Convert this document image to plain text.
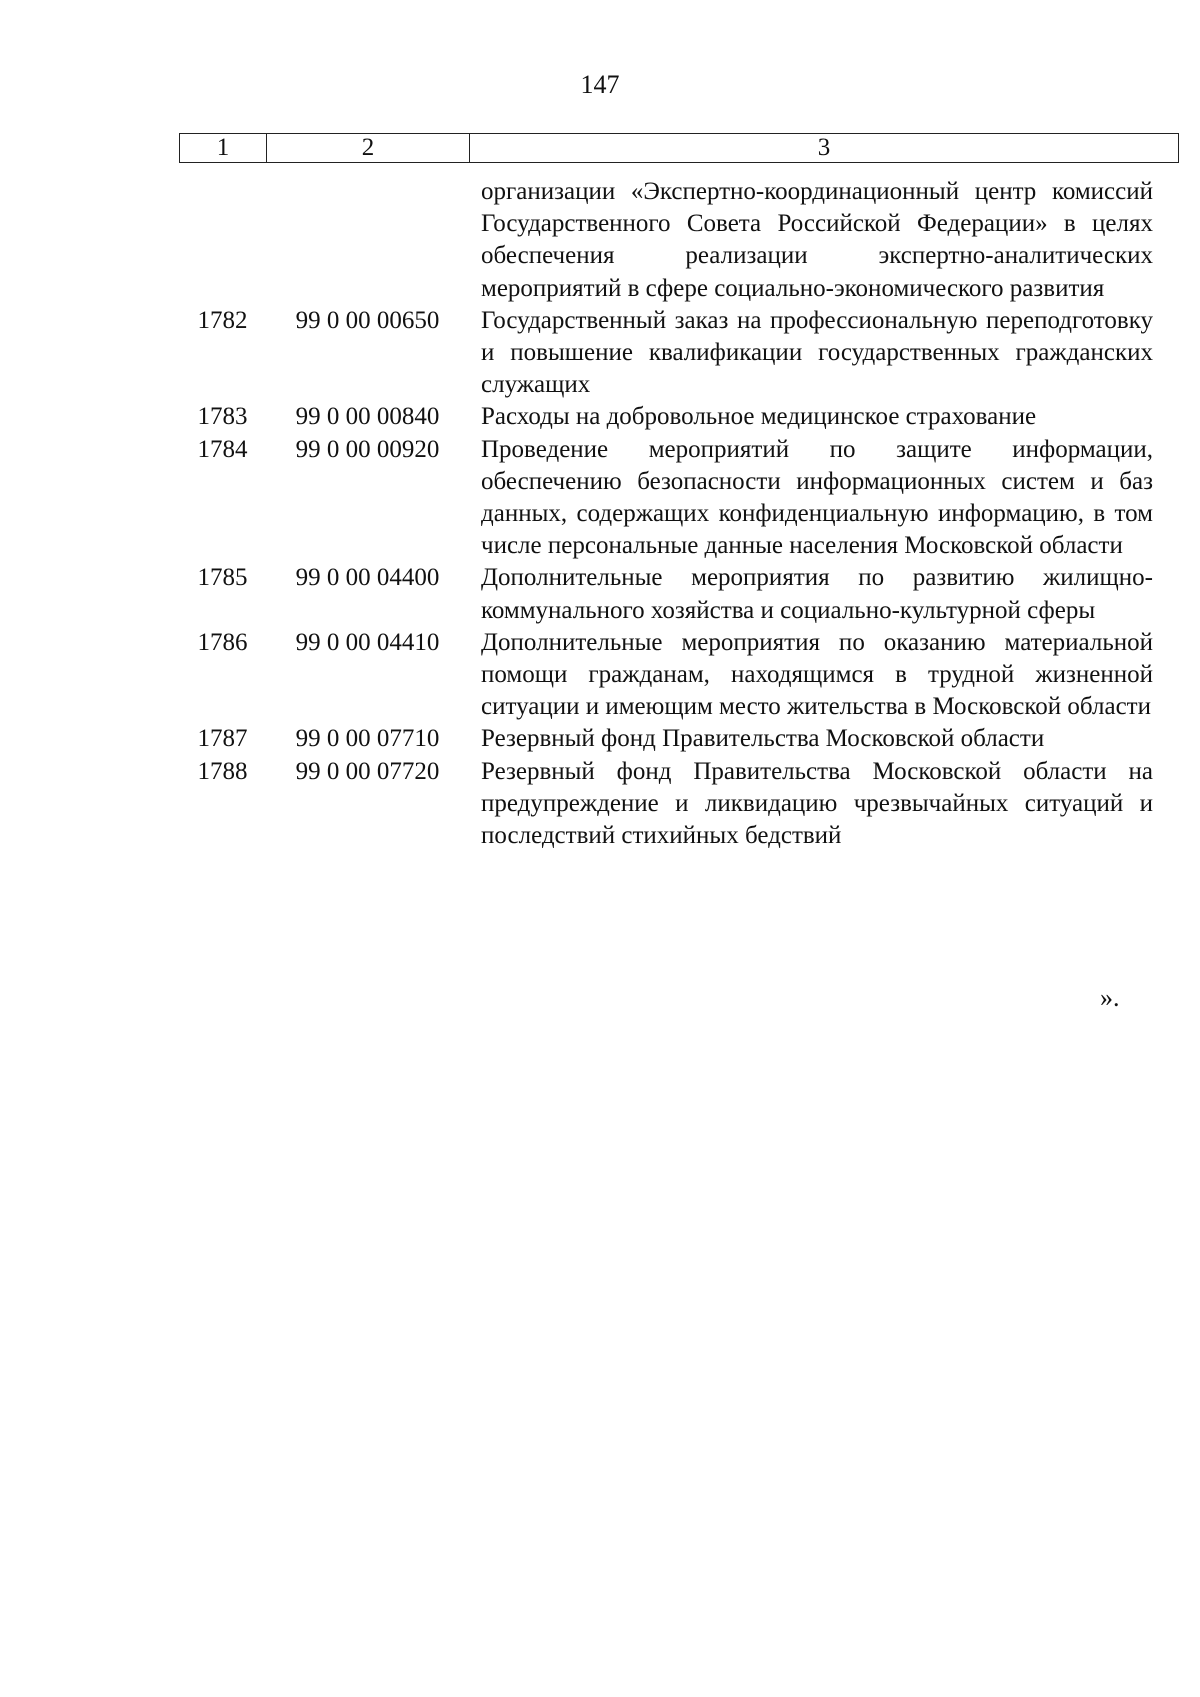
147
1	2	3
организации «Экспертно-координационный центр комиссий Государственного Совета Российской Федерации» в целях обеспечения реализации экспертно-аналитических мероприятий в сфере социально-экономического развития
1782	99 0 00 00650	Государственный заказ на профессиональную переподготовку и повышение квалификации государственных гражданских служащих
1783	99 0 00 00840	Расходы на добровольное медицинское страхование
1784	99 0 00 00920	Проведение мероприятий по защите информации, обеспечению безопасности информационных систем и баз данных, содержащих конфиденциальную информацию, в том числе персональные данные населения Московской области
1785	99 0 00 04400	Дополнительные мероприятия по развитию жилищно-коммунального хозяйства и социально-культурной сферы
1786	99 0 00 04410	Дополнительные мероприятия по оказанию материальной помощи гражданам, находящимся в трудной жизненной ситуации и имеющим место жительства в Московской области
1787	99 0 00 07710	Резервный фонд Правительства Московской области
1788	99 0 00 07720	Резервный фонд Правительства Московской области на предупреждение и ликвидацию чрезвычайных ситуаций и последствий стихийных бедствий
».
